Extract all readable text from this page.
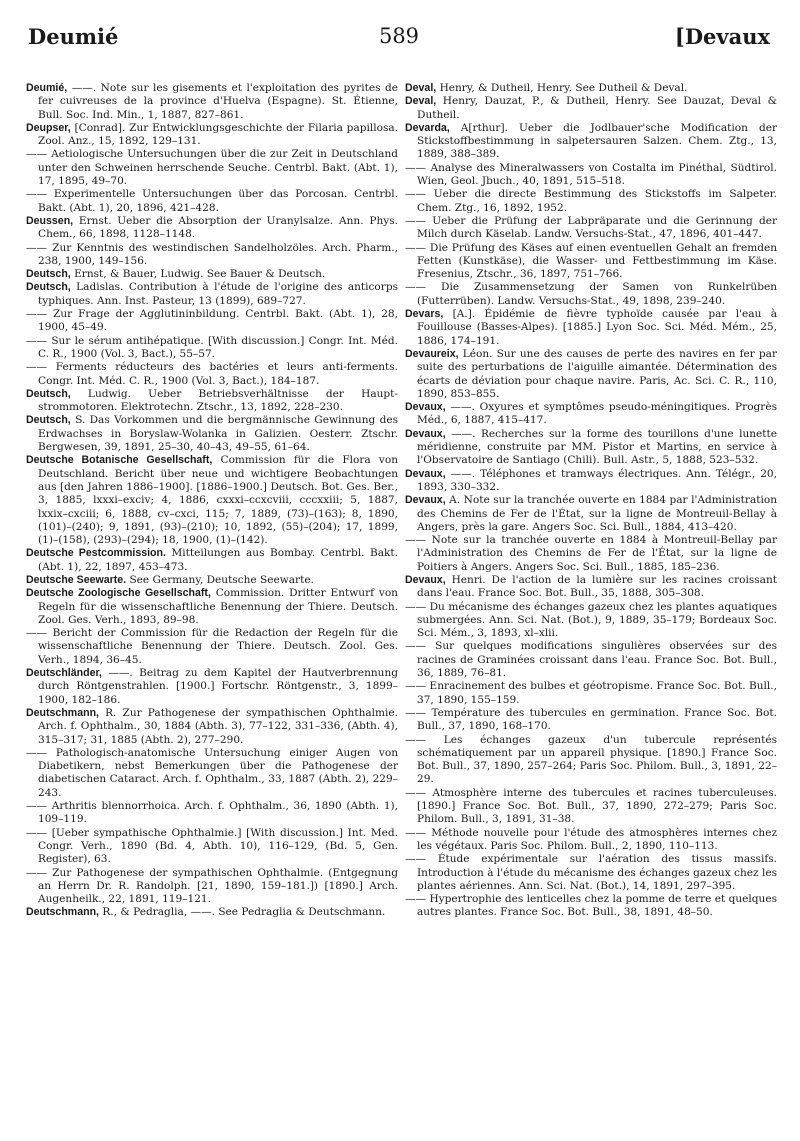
Deumié	589	[Devaux

Deumié, ——. Note sur les gisements et l'exploitation des pyrites de fer cuivreuses de la province d'Huelva (Espagne). St. Étienne, Bull. Soc. Ind. Min., 1, 1887, 827–861.

Deupser, [Conrad]. Zur Entwicklungsgeschichte der Filaria papillosa. Zool. Anz., 15, 1892, 129–131.

—— Aetiologische Untersuchungen über die zur Zeit in Deutschland unter den Schweinen herrschende Seuche. Centrbl. Bakt. (Abt. 1), 17, 1895, 49–70.

—— Experimentelle Untersuchungen über das Porcosan. Centrbl. Bakt. (Abt. 1), 20, 1896, 421–428.

Deussen, Ernst. Ueber die Absorption der Uranylsalze. Ann. Phys. Chem., 66, 1898, 1128–1148.

—— Zur Kenntnis des westindischen Sandelholzöles. Arch. Pharm., 238, 1900, 149–156.

Deutsch, Ernst, & Bauer, Ludwig. See Bauer & Deutsch.

Deutsch, Ladislas. Contribution à l'étude de l'origine des anticorps typhiques. Ann. Inst. Pasteur, 13 (1899), 689–727.

—— Zur Frage der Agglutininbildung. Centrbl. Bakt. (Abt. 1), 28, 1900, 45–49.

—— Sur le sérum antihépatique. [With discussion.] Congr. Int. Méd. C. R., 1900 (Vol. 3, Bact.), 55–57.

—— Ferments réducteurs des bactéries et leurs anti-ferments. Congr. Int. Méd. C. R., 1900 (Vol. 3, Bact.), 184–187.

Deutsch, Ludwig. Ueber Betriebsverhältnisse der Haupt-strommotoren. Elektrotechn. Ztschr., 13, 1892, 228–230.

Deutsch, S. Das Vorkommen und die bergmännische Gewinnung des Erdwachses in Boryslaw-Wolanka in Galizien. Oesterr. Ztschr. Bergwesen, 39, 1891, 25–30, 40–43, 49–55, 61–64.

Deutsche Botanische Gesellschaft, Commission für die Flora von Deutschland. Bericht über neue und wichtigere Beobachtungen aus [den Jahren 1886–1900]. [1886–1900.] Deutsch. Bot. Ges. Ber., 3, 1885, lxxxi–exciv; 4, 1886, cxxxi–ccxcviii, cccxxiii; 5, 1887, lxxix–cxciii; 6, 1888, cv–cxci, 115; 7, 1889, (73)–(163); 8, 1890, (101)–(240); 9, 1891, (93)–(210); 10, 1892, (55)–(204); 17, 1899, (1)–(158), (293)–(294); 18, 1900, (1)–(142).

Deutsche Pestcommission. Mitteilungen aus Bombay. Centrbl. Bakt. (Abt. 1), 22, 1897, 453–473.

Deutsche Seewarte. See Germany, Deutsche Seewarte.

Deutsche Zoologische Gesellschaft, Commission. Dritter Entwurf von Regeln für die wissenschaftliche Benennung der Thiere. Deutsch. Zool. Ges. Verh., 1893, 89–98.

—— Bericht der Commission für die Redaction der Regeln für die wissenschaftliche Benennung der Thiere. Deutsch. Zool. Ges. Verh., 1894, 36–45.

Deutschländer, ——. Beitrag zu dem Kapitel der Hautverbrennung durch Röntgenstrahlen. [1900.] Fortschr. Röntgenstr., 3, 1899–1900, 182–186.

Deutschmann, R. Zur Pathogenese der sympathischen Ophthalmie. Arch. f. Ophthalm., 30, 1884 (Abth. 3), 77–122, 331–336, (Abth. 4), 315–317; 31, 1885 (Abth. 2), 277–290.

—— Pathologisch-anatomische Untersuchung einiger Augen von Diabetikern, nebst Bemerkungen über die Pathogenese der diabetischen Cataract. Arch. f. Ophthalm., 33, 1887 (Abth. 2), 229–243.

—— Arthritis blennorrhoica. Arch. f. Ophthalm., 36, 1890 (Abth. 1), 109–119.

—— [Ueber sympathische Ophthalmie.] [With discussion.] Int. Med. Congr. Verh., 1890 (Bd. 4, Abth. 10), 116–129, (Bd. 5, Gen. Register), 63.

—— Zur Pathogenese der sympathischen Ophthalmie. (Entgegnung an Herrn Dr. R. Randolph. [21, 1890, 159–181.]) [1890.] Arch. Augenheilk., 22, 1891, 119–121.

Deutschmann, R., & Pedraglia, ——. See Pedraglia & Deutschmann.

Deval, Henry, & Dutheil, Henry. See Dutheil & Deval.

Deval, Henry, Dauzat, P., & Dutheil, Henry. See Dauzat, Deval & Dutheil.

Devarda, A[rthur]. Ueber die Jodlbauer'sche Modification der Stickstoffbestimmung in salpetersauren Salzen. Chem. Ztg., 13, 1889, 388–389.

—— Analyse des Mineralwassers von Costalta im Pinéthal, Südtirol. Wien, Geol. Jbuch., 40, 1891, 515–518.

—— Ueber die directe Bestimmung des Stickstoffs im Salpeter. Chem. Ztg., 16, 1892, 1952.

—— Ueber die Prüfung der Labpräparate und die Gerinnung der Milch durch Käselab. Landw. Versuchs-Stat., 47, 1896, 401–447.

—— Die Prüfung des Käses auf einen eventuellen Gehalt an fremden Fetten (Kunstkäse), die Wasser- und Fettbestimmung im Käse. Fresenius, Ztschr., 36, 1897, 751–766.

—— Die Zusammensetzung der Samen von Runkelrüben (Futterrüben). Landw. Versuchs-Stat., 49, 1898, 239–240.

Devars, [A.]. Épidémie de fièvre typhoïde causée par l'eau à Fouillouse (Basses-Alpes). [1885.] Lyon Soc. Sci. Méd. Mém., 25, 1886, 174–191.

Devaureix, Léon. Sur une des causes de perte des navires en fer par suite des perturbations de l'aiguille aimantée. Détermination des écarts de déviation pour chaque navire. Paris, Ac. Sci. C. R., 110, 1890, 853–855.

Devaux, ——. Oxyures et symptômes pseudo-méningitiques. Progrès Méd., 6, 1887, 415–417.

Devaux, ——. Recherches sur la forme des tourillons d'une lunette méridienne, construite par MM. Pistor et Martins, en service à l'Observatoire de Santiago (Chili). Bull. Astr., 5, 1888, 523–532.

Devaux, ——. Téléphones et tramways électriques. Ann. Télégr., 20, 1893, 330–332.

Devaux, A. Note sur la tranchée ouverte en 1884 par l'Administration des Chemins de Fer de l'État, sur la ligne de Montreuil-Bellay à Angers, près la gare. Angers Soc. Sci. Bull., 1884, 413–420.

—— Note sur la tranchée ouverte en 1884 à Montreuil-Bellay par l'Administration des Chemins de Fer de l'État, sur la ligne de Poitiers à Angers. Angers Soc. Sci. Bull., 1885, 185–236.

Devaux, Henri. De l'action de la lumière sur les racines croissant dans l'eau. France Soc. Bot. Bull., 35, 1888, 305–308.

—— Du mécanisme des échanges gazeux chez les plantes aquatiques submergées. Ann. Sci. Nat. (Bot.), 9, 1889, 35–179; Bordeaux Soc. Sci. Mém., 3, 1893, xl–xlii.

—— Sur quelques modifications singulières observées sur des racines de Graminées croissant dans l'eau. France Soc. Bot. Bull., 36, 1889, 76–81.

—— Enracinement des bulbes et géotropisme. France Soc. Bot. Bull., 37, 1890, 155–159.

—— Température des tubercules en germination. France Soc. Bot. Bull., 37, 1890, 168–170.

—— Les échanges gazeux d'un tubercule représentés schématiquement par un appareil physique. [1890.] France Soc. Bot. Bull., 37, 1890, 257–264; Paris Soc. Philom. Bull., 3, 1891, 22–29.

—— Atmosphère interne des tubercules et racines tuberculeuses. [1890.] France Soc. Bot. Bull., 37, 1890, 272–279; Paris Soc. Philom. Bull., 3, 1891, 31–38.

—— Méthode nouvelle pour l'étude des atmosphères internes chez les végétaux. Paris Soc. Philom. Bull., 2, 1890, 110–113.

—— Étude expérimentale sur l'aération des tissus massifs. Introduction à l'étude du mécanisme des échanges gazeux chez les plantes aériennes. Ann. Sci. Nat. (Bot.), 14, 1891, 297–395.

—— Hypertrophie des lenticelles chez la pomme de terre et quelques autres plantes. France Soc. Bot. Bull., 38, 1891, 48–50.
